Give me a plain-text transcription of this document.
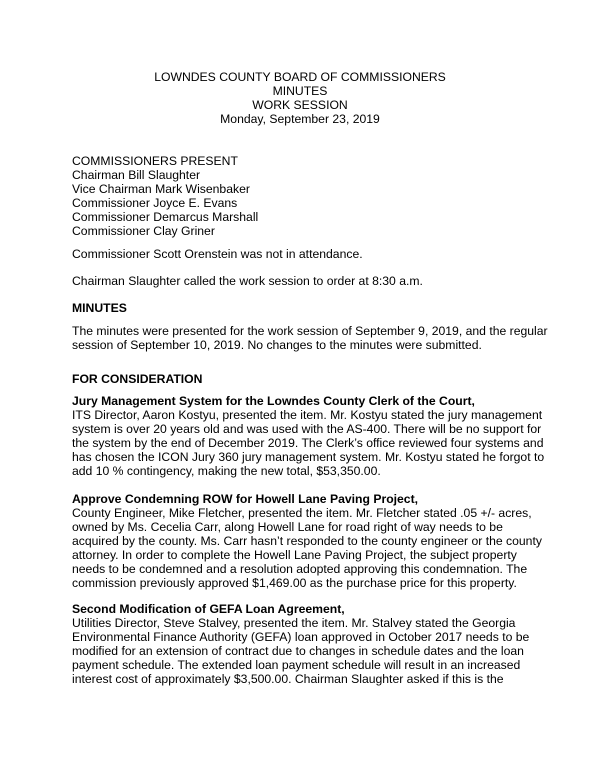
LOWNDES COUNTY BOARD OF COMMISSIONERS
MINUTES
WORK SESSION
Monday, September 23, 2019
COMMISSIONERS PRESENT
Chairman Bill Slaughter
Vice Chairman Mark Wisenbaker
Commissioner Joyce E. Evans
Commissioner Demarcus Marshall
Commissioner Clay Griner
Commissioner Scott Orenstein was not in attendance.
Chairman Slaughter called the work session to order at 8:30 a.m.
MINUTES
The minutes were presented for the work session of September 9, 2019, and the regular
session of September 10, 2019. No changes to the minutes were submitted.
FOR CONSIDERATION
Jury Management System for the Lowndes County Clerk of the Court,
ITS Director, Aaron Kostyu, presented the item. Mr. Kostyu stated the jury management
system is over 20 years old and was used with the AS-400. There will be no support for
the system by the end of December 2019. The Clerk’s office reviewed four systems and
has chosen the ICON Jury 360 jury management system. Mr. Kostyu stated he forgot to
add 10 % contingency, making the new total, $53,350.00.
Approve Condemning ROW for Howell Lane Paving Project,
County Engineer, Mike Fletcher, presented the item. Mr. Fletcher stated .05 +/- acres,
owned by Ms. Cecelia Carr, along Howell Lane for road right of way needs to be
acquired by the county. Ms. Carr hasn’t responded to the county engineer or the county
attorney. In order to complete the Howell Lane Paving Project, the subject property
needs to be condemned and a resolution adopted approving this condemnation. The
commission previously approved $1,469.00 as the purchase price for this property.
Second Modification of GEFA Loan Agreement,
Utilities Director, Steve Stalvey, presented the item. Mr. Stalvey stated the Georgia
Environmental Finance Authority (GEFA) loan approved in October 2017 needs to be
modified for an extension of contract due to changes in schedule dates and the loan
payment schedule. The extended loan payment schedule will result in an increased
interest cost of approximately $3,500.00. Chairman Slaughter asked if this is the
